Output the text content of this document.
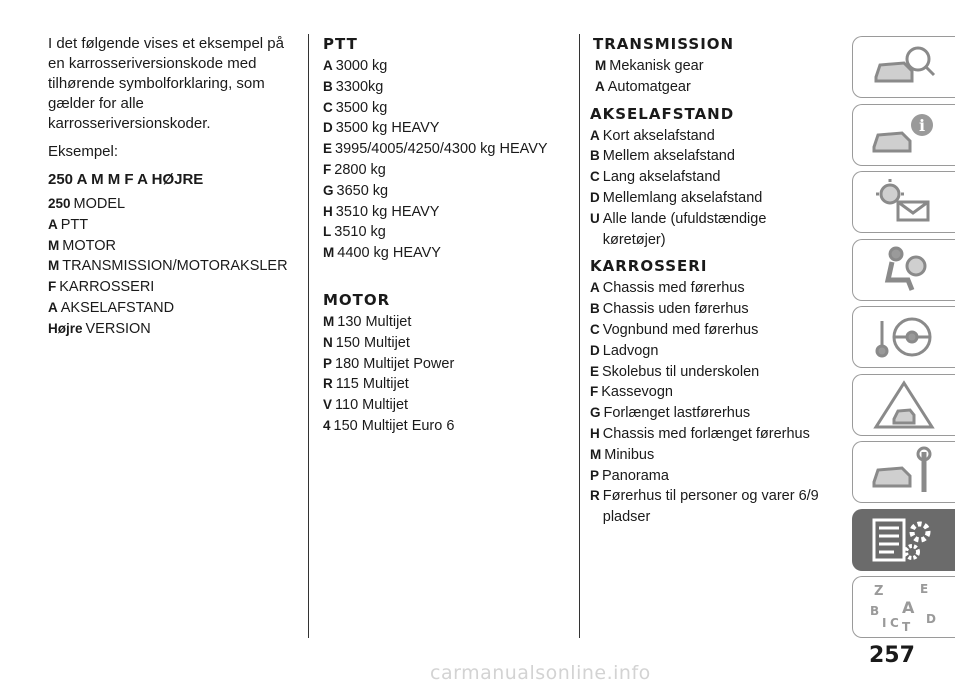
I det følgende vises et eksempel på en karrosseriversionskode med tilhørende symbolforklaring, som gælder for alle karrosseriversionskoder.

Eksempel:

250 A M M F A HØJRE
250 MODEL
A PTT
M MOTOR
M TRANSMISSION/MOTORAKSLER
F KARROSSERI
A AKSELAFSTAND
Højre VERSION
PTT
A 3000 kg
B 3300kg
C 3500 kg
D 3500 kg HEAVY
E 3995/4005/4250/4300 kg HEAVY
F 2800 kg
G 3650 kg
H 3510 kg HEAVY
L 3510 kg
M 4400 kg HEAVY
MOTOR
M 130 Multijet
N 150 Multijet
P 180 Multijet Power
R 115 Multijet
V 110 Multijet
4 150 Multijet Euro 6
TRANSMISSION
M Mekanisk gear
A Automatgear
AKSELAFSTAND
A Kort akselafstand
B Mellem akselafstand
C Lang akselafstand
D Mellemlang akselafstand
U Alle lande (ufuldstændige køretøjer)
KARROSSERI
A Chassis med førerhus
B Chassis uden førerhus
C Vognbund med førerhus
D Ladvogn
E Skolebus til underskolen
F Kassevogn
G Forlænget lastførerhus
H Chassis med forlænget førerhus
M Minibus
P Panorama
R Førerhus til personer og varer 6/9 pladser
i
Z	E
A
B
I C T
D
257
carmanualsonline.info
